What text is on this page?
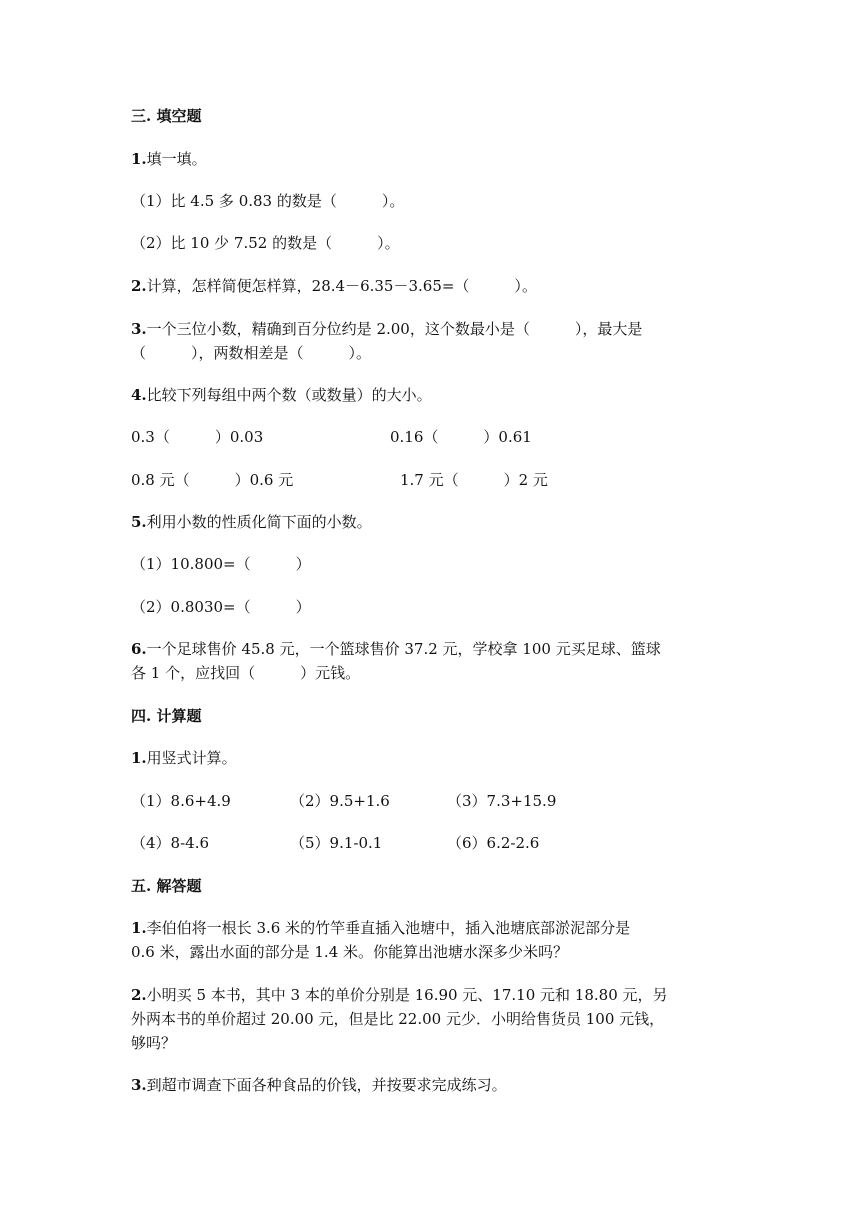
三. 填空题
1.填一填。
（1）比 4.5 多 0.83 的数是（　　　）。
（2）比 10 少 7.52 的数是（　　　）。
2.计算，怎样简便怎样算，28.4－6.35－3.65=（　　　）。
3.一个三位小数，精确到百分位约是 2.00，这个数最小是（　　　），最大是
（　　　），两数相差是（　　　）。
4.比较下列每组中两个数（或数量）的大小。
0.3（　　　）0.03	0.16（　　　）0.61
0.8 元（　　　）0.6 元	1.7 元（　　　）2 元
5.利用小数的性质化简下面的小数。
（1）10.800=（　　　）
（2）0.8030=（　　　）
6.一个足球售价 45.8 元，一个篮球售价 37.2 元，学校拿 100 元买足球、篮球
各 1 个，应找回（　　　）元钱。
四. 计算题
1.用竖式计算。
（1）8.6+4.9	（2）9.5+1.6	（3）7.3+15.9
（4）8-4.6	（5）9.1-0.1	（6）6.2-2.6
五. 解答题
1.李伯伯将一根长 3.6 米的竹竿垂直插入池塘中，插入池塘底部淤泥部分是
0.6 米，露出水面的部分是 1.4 米。你能算出池塘水深多少米吗？
2.小明买 5 本书，其中 3 本的单价分别是 16.90 元、17.10 元和 18.80 元，另
外两本书的单价超过 20.00 元，但是比 22.00 元少．小明给售货员 100 元钱，
够吗？
3.到超市调查下面各种食品的价钱，并按要求完成练习。
